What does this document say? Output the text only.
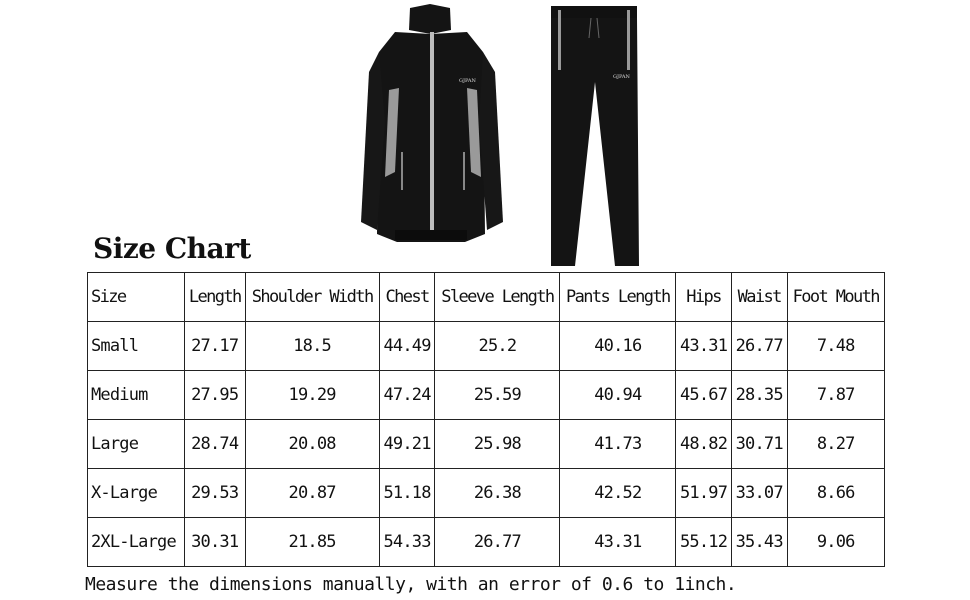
GJPAN
GJPAN
Size Chart
Size	Length	Shoulder Width	Chest	Sleeve Length	Pants Length	Hips	Waist	Foot Mouth
Small	27.17	18.5	44.49	25.2	40.16	43.31	26.77	7.48
Medium	27.95	19.29	47.24	25.59	40.94	45.67	28.35	7.87
Large	28.74	20.08	49.21	25.98	41.73	48.82	30.71	8.27
X-Large	29.53	20.87	51.18	26.38	42.52	51.97	33.07	8.66
2XL-Large	30.31	21.85	54.33	26.77	43.31	55.12	35.43	9.06

Measure the dimensions manually, with an error of 0.6 to 1inch.
